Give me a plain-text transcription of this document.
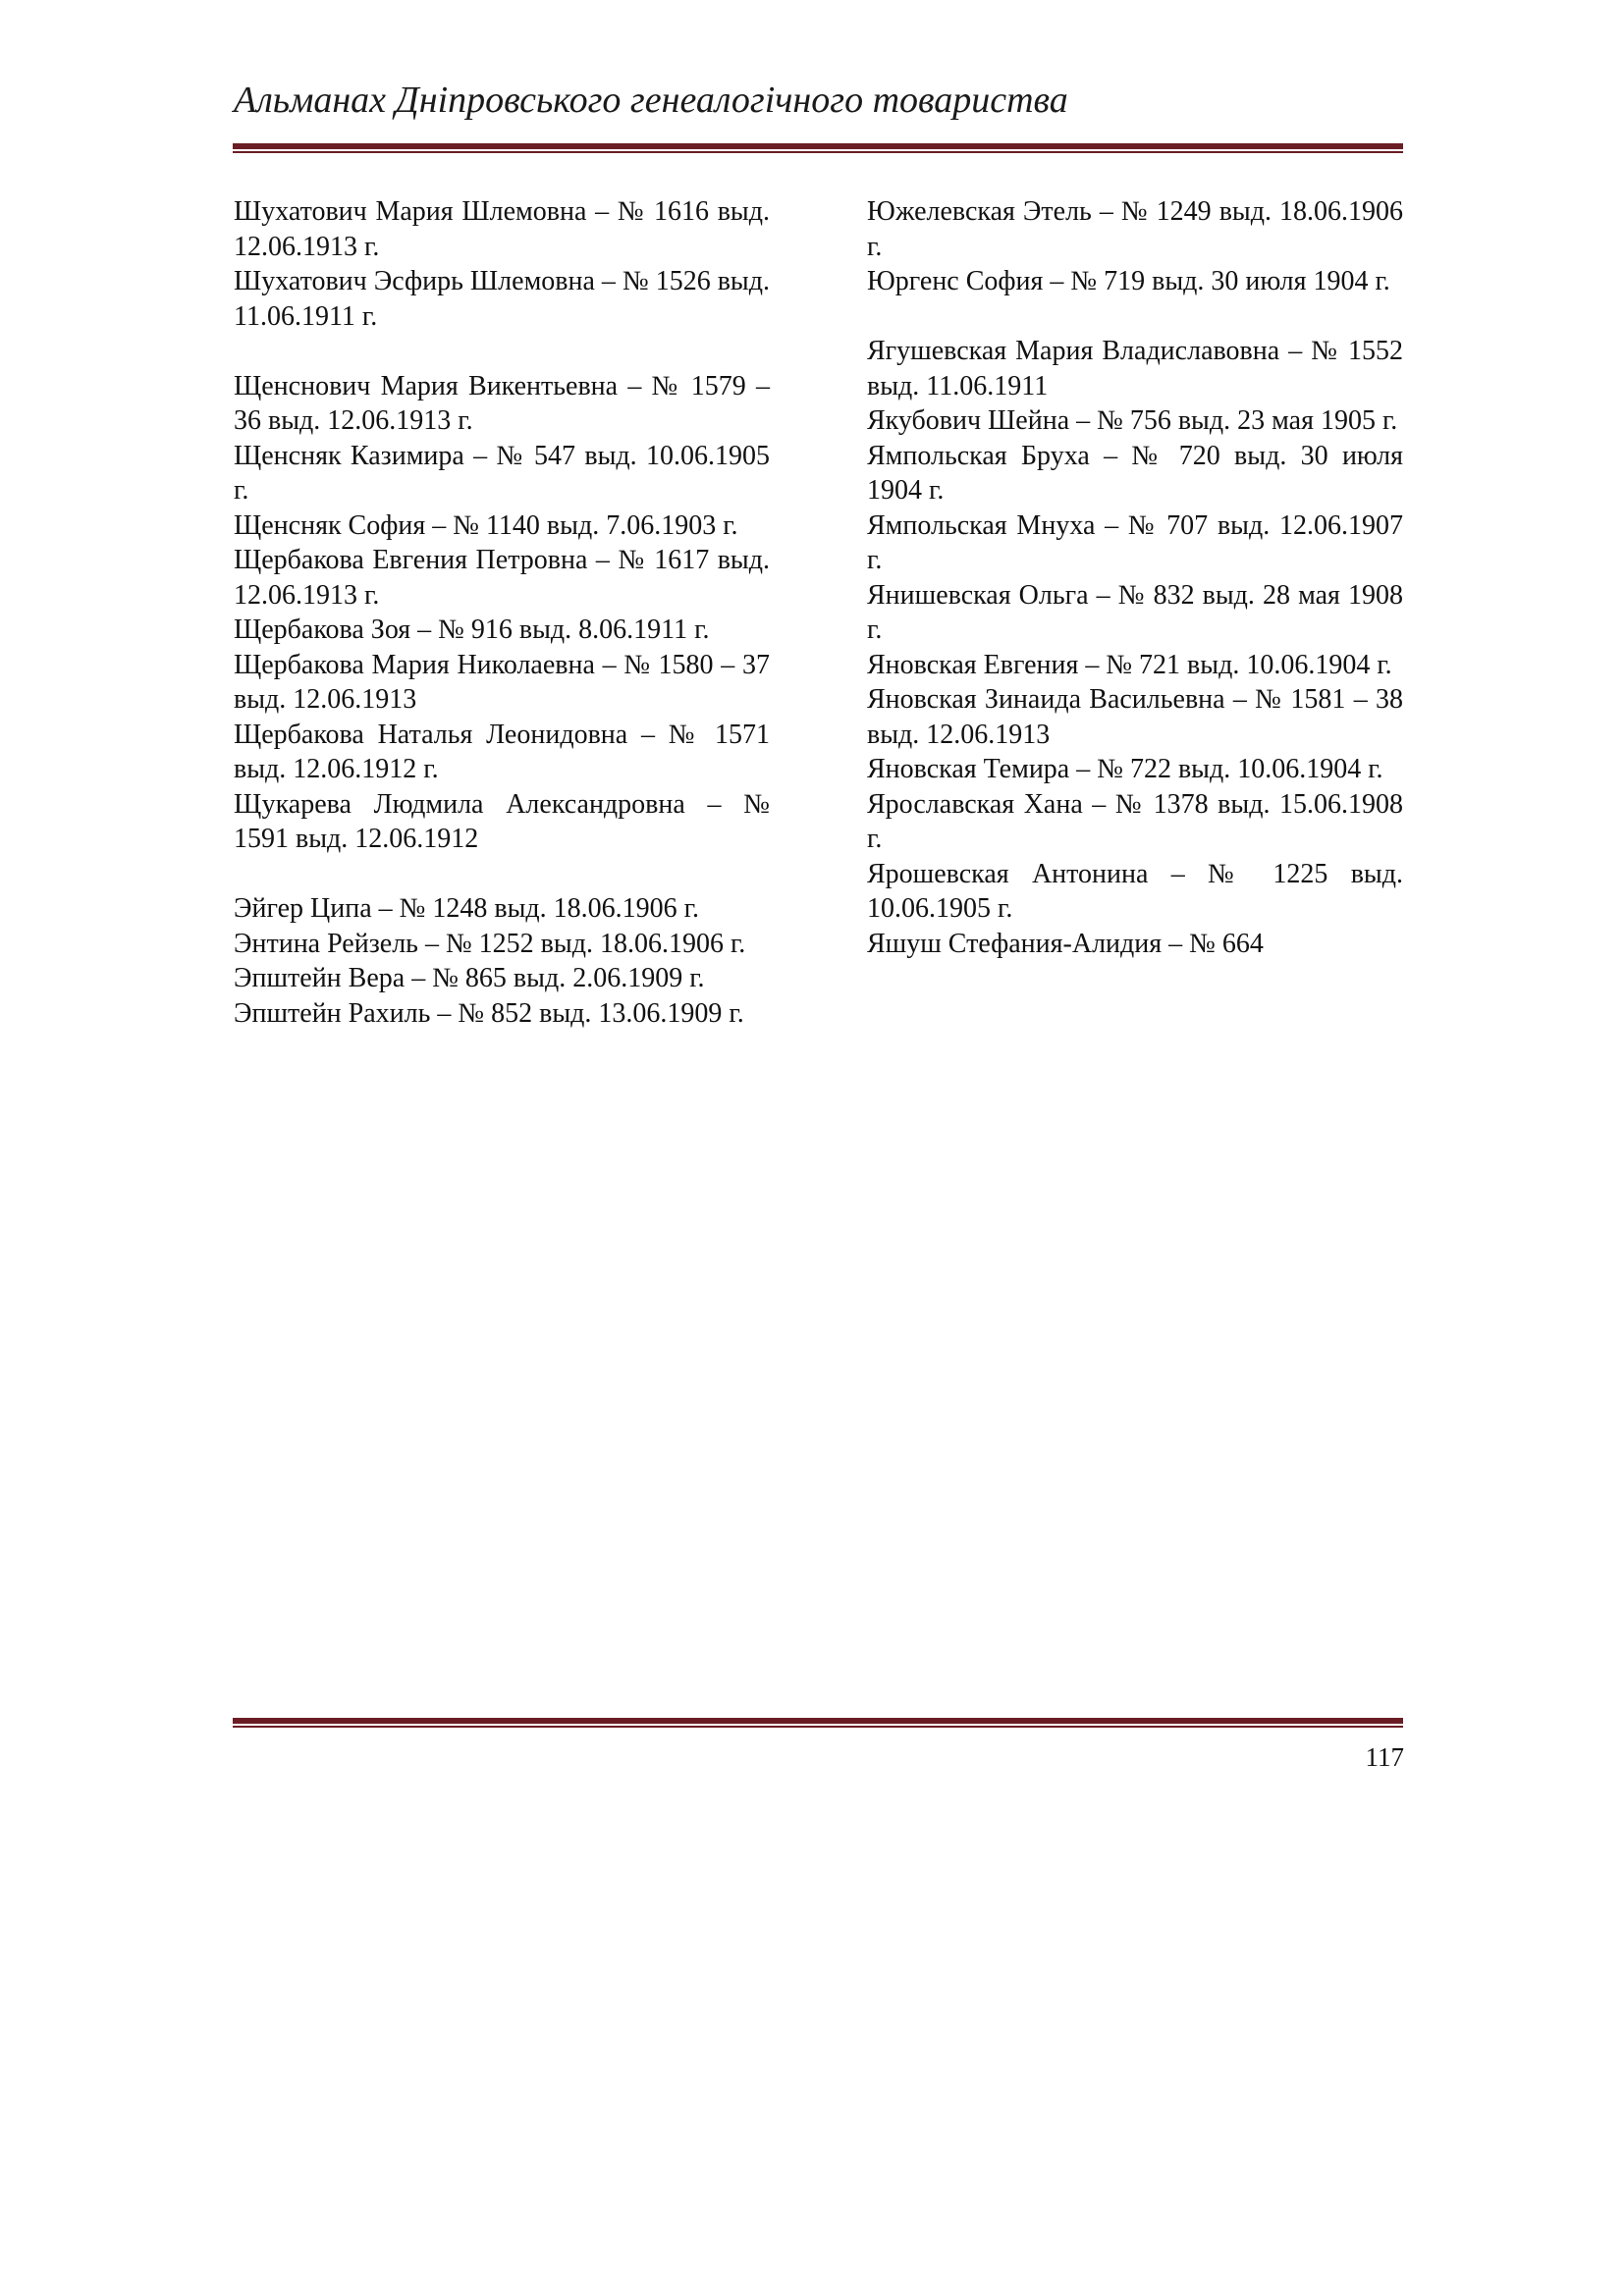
Альманах Дніпровського генеалогічного товариства

Шухатович Мария Шлемовна – № 1616 выд. 12.06.1913 г.

Шухатович Эсфирь Шлемовна – № 1526 выд. 11.06.1911 г.

Щенснович Мария Викентьевна – № 1579 – 36 выд. 12.06.1913 г.

Щенсняк Казимира – № 547 выд. 10.06.1905 г.

Щенсняк София – № 1140 выд. 7.06.1903 г.

Щербакова Евгения Петровна – № 1617 выд. 12.06.1913 г.

Щербакова Зоя – № 916 выд. 8.06.1911 г.

Щербакова Мария Николаевна – № 1580 – 37 выд. 12.06.1913

Щербакова Наталья Леонидовна – № 1571 выд. 12.06.1912 г.

Щукарева Людмила Александровна – № 1591 выд. 12.06.1912

Эйгер Ципа – № 1248 выд. 18.06.1906 г.

Энтина Рейзель – № 1252 выд. 18.06.1906 г.

Эпштейн Вера – № 865 выд. 2.06.1909 г.

Эпштейн Рахиль – № 852 выд. 13.06.1909 г.

Южелевская Этель – № 1249 выд. 18.06.1906 г.

Юргенс София – № 719 выд. 30 июля 1904 г.

Ягушевская Мария Владиславовна – № 1552 выд. 11.06.1911

Якубович Шейна – № 756 выд. 23 мая 1905 г.

Ямпольская Бруха – № 720 выд. 30 июля 1904 г.

Ямпольская Мнуха – № 707 выд. 12.06.1907 г.

Янишевская Ольга – № 832 выд. 28 мая 1908 г.

Яновская Евгения – № 721 выд. 10.06.1904 г.

Яновская Зинаида Васильевна – № 1581 – 38 выд. 12.06.1913

Яновская Темира – № 722 выд. 10.06.1904 г.

Ярославская Хана – № 1378 выд. 15.06.1908 г.

Ярошевская Антонина – № 1225 выд. 10.06.1905 г.

Яшуш Стефания-Алидия – № 664

117
